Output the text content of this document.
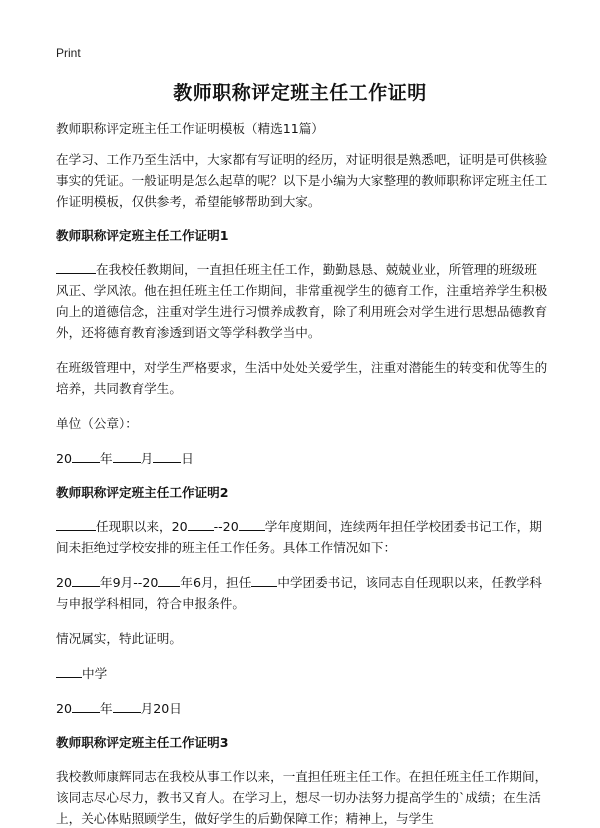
Print
教师职称评定班主任工作证明

教师职称评定班主任工作证明模板（精选11篇）

在学习、工作乃至生活中，大家都有写证明的经历，对证明很是熟悉吧，证明是可供核验事实的凭证。一般证明是怎么起草的呢？以下是小编为大家整理的教师职称评定班主任工作证明模板，仅供参考，希望能够帮助到大家。

教师职称评定班主任工作证明1

在我校任教期间，一直担任班主任工作，勤勤恳恳、兢兢业业，所管理的班级班风正、学风浓。他在担任班主任工作期间，非常重视学生的德育工作，注重培养学生积极向上的道德信念，注重对学生进行习惯养成教育，除了利用班会对学生进行思想品德教育外，还将德育教育渗透到语文等学科教学当中。

在班级管理中，对学生严格要求，生活中处处关爱学生，注重对潜能生的转变和优等生的培养，共同教育学生。

单位（公章）：

20 年 月 日

教师职称评定班主任工作证明2

任现职以来，20 --20 学年度期间，连续两年担任学校团委书记工作，期间未拒绝过学校安排的班主任工作任务。具体工作情况如下：

20 年9月--20 年6月，担任 中学团委书记，该同志自任现职以来，任教学科与申报学科相同，符合申报条件。

情况属实，特此证明。

中学

20 年 月20日

教师职称评定班主任工作证明3

我校教师康辉同志在我校从事工作以来，一直担任班主任工作。在担任班主任工作期间，该同志尽心尽力，教书又育人。在学习上，想尽一切办法努力提高学生的`成绩；在生活上，关心体贴照顾学生，做好学生的后勤保障工作；精神上，与学生
